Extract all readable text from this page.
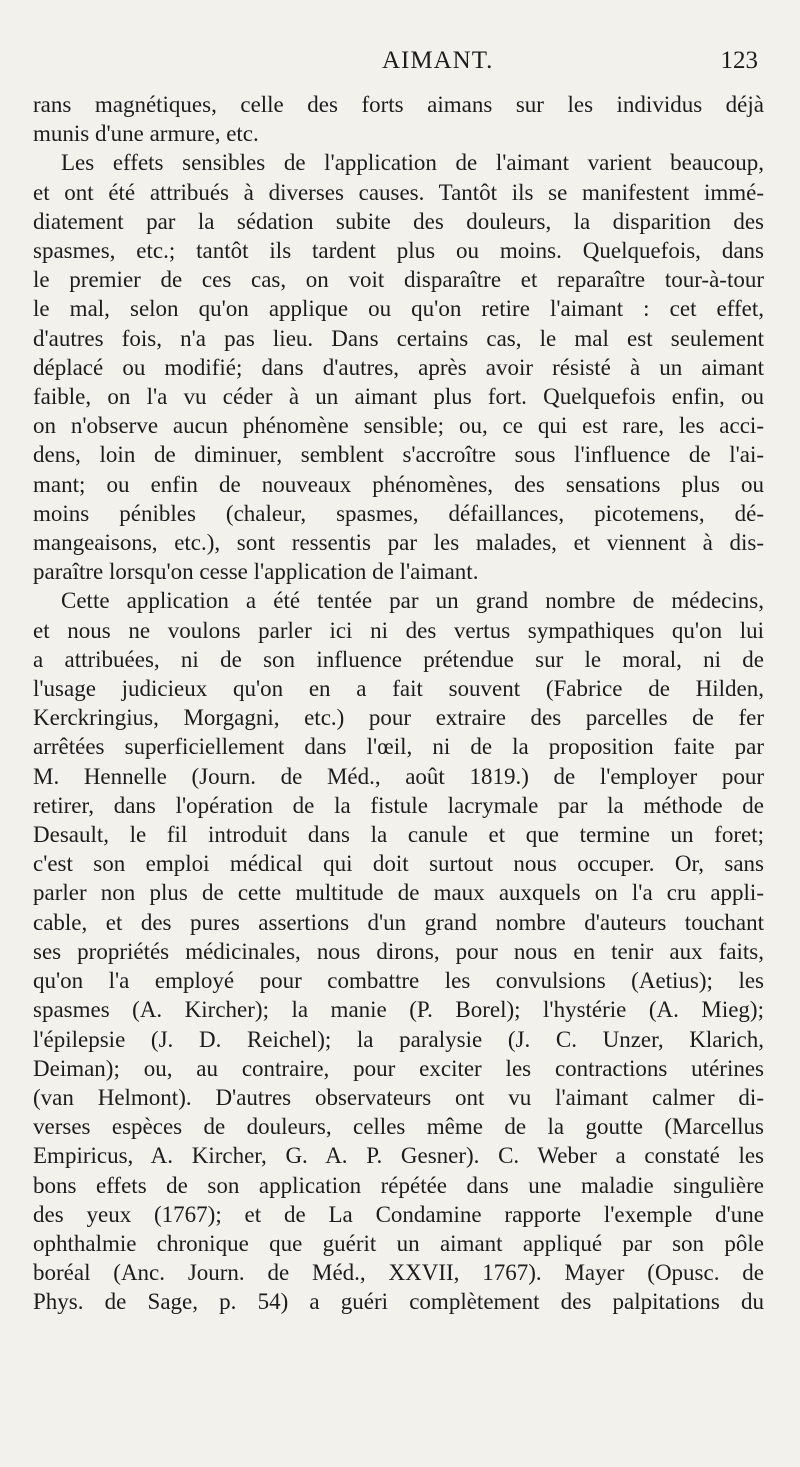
AIMANT.	123

rans magnétiques, celle des forts aimans sur les individus déjà
munis d'une armure, etc.

Les effets sensibles de l'application de l'aimant varient beaucoup,
et ont été attribués à diverses causes. Tantôt ils se manifestent immé-
diatement par la sédation subite des douleurs, la disparition des
spasmes, etc.; tantôt ils tardent plus ou moins. Quelquefois, dans
le premier de ces cas, on voit disparaître et reparaître tour-à-tour
le mal, selon qu'on applique ou qu'on retire l'aimant : cet effet,
d'autres fois, n'a pas lieu. Dans certains cas, le mal est seulement
déplacé ou modifié; dans d'autres, après avoir résisté à un aimant
faible, on l'a vu céder à un aimant plus fort. Quelquefois enfin, ou
on n'observe aucun phénomène sensible; ou, ce qui est rare, les acci-
dens, loin de diminuer, semblent s'accroître sous l'influence de l'ai-
mant; ou enfin de nouveaux phénomènes, des sensations plus ou
moins pénibles (chaleur, spasmes, défaillances, picotemens, dé-
mangeaisons, etc.), sont ressentis par les malades, et viennent à dis-
paraître lorsqu'on cesse l'application de l'aimant.

Cette application a été tentée par un grand nombre de médecins,
et nous ne voulons parler ici ni des vertus sympathiques qu'on lui
a attribuées, ni de son influence prétendue sur le moral, ni de
l'usage judicieux qu'on en a fait souvent (Fabrice de Hilden,
Kerckringius, Morgagni, etc.) pour extraire des parcelles de fer
arrêtées superficiellement dans l'œil, ni de la proposition faite par
M. Hennelle (Journ. de Méd., août 1819.) de l'employer pour
retirer, dans l'opération de la fistule lacrymale par la méthode de
Desault, le fil introduit dans la canule et que termine un foret;
c'est son emploi médical qui doit surtout nous occuper. Or, sans
parler non plus de cette multitude de maux auxquels on l'a cru appli-
cable, et des pures assertions d'un grand nombre d'auteurs touchant
ses propriétés médicinales, nous dirons, pour nous en tenir aux faits,
qu'on l'a employé pour combattre les convulsions (Aetius); les
spasmes (A. Kircher); la manie (P. Borel); l'hystérie (A. Mieg);
l'épilepsie (J. D. Reichel); la paralysie (J. C. Unzer, Klarich,
Deiman); ou, au contraire, pour exciter les contractions utérines
(van Helmont). D'autres observateurs ont vu l'aimant calmer di-
verses espèces de douleurs, celles même de la goutte (Marcellus
Empiricus, A. Kircher, G. A. P. Gesner). C. Weber a constaté les
bons effets de son application répétée dans une maladie singulière
des yeux (1767); et de La Condamine rapporte l'exemple d'une
ophthalmie chronique que guérit un aimant appliqué par son pôle
boréal (Anc. Journ. de Méd., XXVII, 1767). Mayer (Opusc. de
Phys. de Sage, p. 54) a guéri complètement des palpitations du
